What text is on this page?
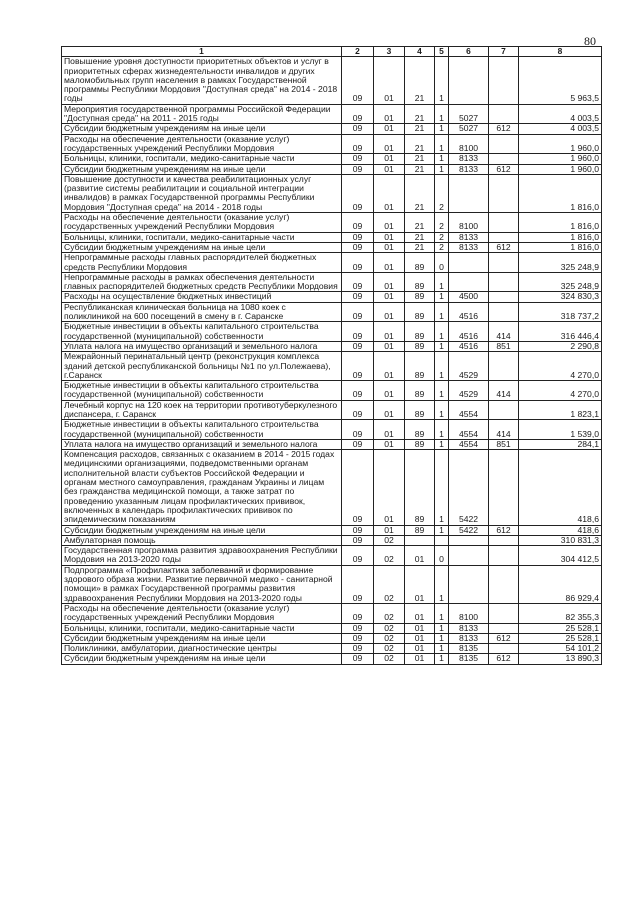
80
1	2	3	4	5	6	7	8
Повышение уровня доступности приоритетных объектов и услуг в приоритетных сферах жизнедеятельности инвалидов и других маломобильных групп населения в рамках Государственной программы Республики Мордовия "Доступная среда" на 2014 - 2018 годы	09	01	21	1			5 963,5
Мероприятия государственной программы Российской Федерации "Доступная среда" на 2011 - 2015 годы	09	01	21	1	5027		4 003,5
Субсидии бюджетным учреждениям на иные цели	09	01	21	1	5027	612	4 003,5
Расходы на обеспечение деятельности (оказание услуг) государственных учреждений Республики Мордовия	09	01	21	1	8100		1 960,0
Больницы, клиники, госпитали, медико-санитарные части	09	01	21	1	8133		1 960,0
Субсидии бюджетным учреждениям на иные цели	09	01	21	1	8133	612	1 960,0
Повышение доступности и качества реабилитационных услуг (развитие системы реабилитации и социальной интеграции инвалидов) в рамках Государственной программы Республики Мордовия "Доступная среда" на 2014 - 2018 годы	09	01	21	2			1 816,0
Расходы на обеспечение деятельности (оказание услуг) государственных учреждений Республики Мордовия	09	01	21	2	8100		1 816,0
Больницы, клиники, госпитали, медико-санитарные части	09	01	21	2	8133		1 816,0
Субсидии бюджетным учреждениям на иные цели	09	01	21	2	8133	612	1 816,0
Непрограммные расходы главных распорядителей бюджетных средств Республики Мордовия	09	01	89	0			325 248,9
Непрограммные расходы в рамках обеспечения деятельности главных распорядителей бюджетных средств Республики Мордовия	09	01	89	1			325 248,9
Расходы на осуществление бюджетных инвестиций	09	01	89	1	4500		324 830,3
Республиканская клиническая больница на 1080 коек с поликлиникой на 600 посещений в смену в г. Саранске	09	01	89	1	4516		318 737,2
Бюджетные инвестиции в объекты капитального строительства государственной (муниципальной) собственности	09	01	89	1	4516	414	316 446,4
Уплата налога на имущество организаций и земельного налога	09	01	89	1	4516	851	2 290,8
Межрайонный перинатальный центр (реконструкция комплекса зданий детской республиканской больницы №1 по ул.Полежаева), г.Саранск	09	01	89	1	4529		4 270,0
Бюджетные инвестиции в объекты капитального строительства государственной (муниципальной) собственности	09	01	89	1	4529	414	4 270,0
Лечебный корпус на 120 коек на территории противотуберкулезного диспансера, г. Саранск	09	01	89	1	4554		1 823,1
Бюджетные инвестиции в объекты капитального строительства государственной (муниципальной) собственности	09	01	89	1	4554	414	1 539,0
Уплата налога на имущество организаций и земельного налога	09	01	89	1	4554	851	284,1
Компенсация расходов, связанных с оказанием в 2014 - 2015 годах медицинскими организациями, подведомственными органам исполнительной власти субъектов Российской Федерации и органам местного самоуправления, гражданам Украины и лицам без гражданства медицинской помощи, а также затрат по проведению указанным лицам профилактических прививок, включенных в календарь профилактических прививок по эпидемическим показаниям	09	01	89	1	5422		418,6
Субсидии бюджетным учреждениям на иные цели	09	01	89	1	5422	612	418,6
Амбулаторная помощь	09	02					310 831,3
Государственная программа развития здравоохранения Республики Мордовия на 2013-2020 годы	09	02	01	0			304 412,5
Подпрограмма «Профилактика заболеваний и формирование здорового образа жизни. Развитие первичной медико - санитарной помощи» в рамках Государственной программы развития здравоохранения Республики Мордовия на 2013-2020 годы	09	02	01	1			86 929,4
Расходы на обеспечение деятельности (оказание услуг) государственных учреждений Республики Мордовия	09	02	01	1	8100		82 355,3
Больницы, клиники, госпитали, медико-санитарные части	09	02	01	1	8133		25 528,1
Субсидии бюджетным учреждениям на иные цели	09	02	01	1	8133	612	25 528,1
Поликлиники, амбулатории, диагностические центры	09	02	01	1	8135		54 101,2
Субсидии бюджетным учреждениям на иные цели	09	02	01	1	8135	612	13 890,3
